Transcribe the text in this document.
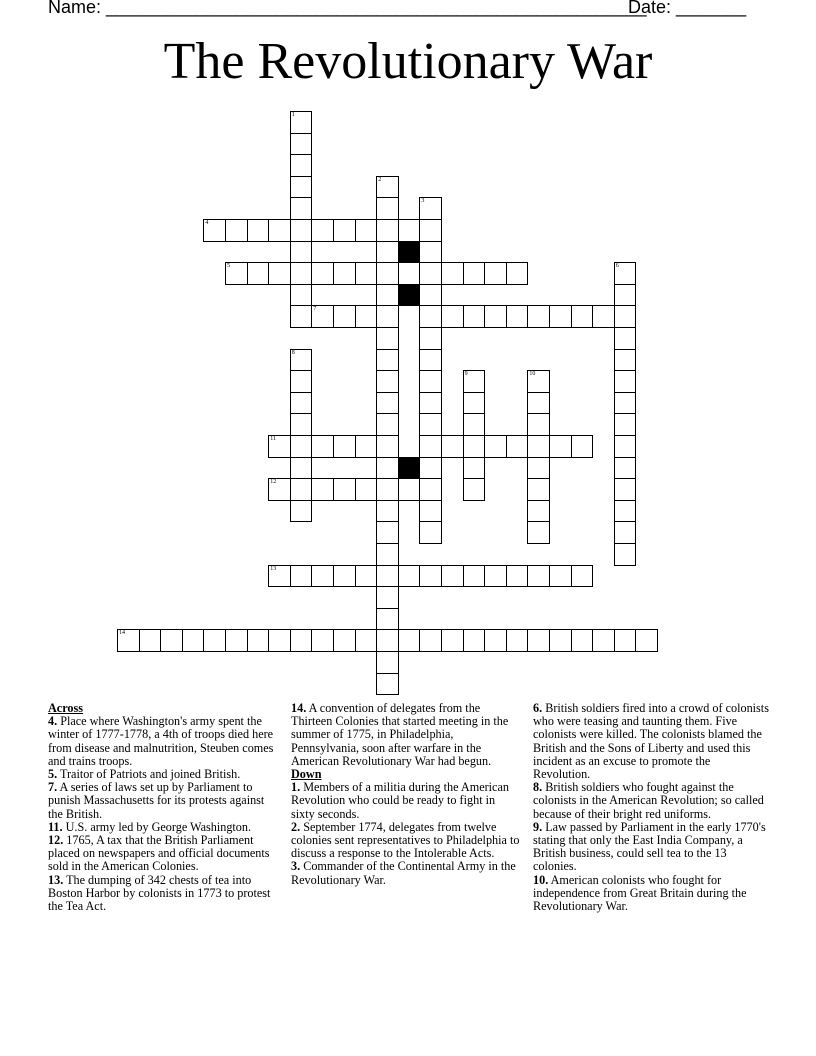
Name: ______________________________________________________
Date: _______
The Revolutionary War
1
2
3
4
5	6
7
8
9	10
11
12
13
14
Across

4. Place where Washington's army spent the winter of 1777-1778, a 4th of troops died here from disease and malnutrition, Steuben comes and trains troops.

5. Traitor of Patriots and joined British.

7. A series of laws set up by Parliament to punish Massachusetts for its protests against the British.

11. U.S. army led by George Washington.

12. 1765, A tax that the British Parliament placed on newspapers and official documents sold in the American Colonies.

13. The dumping of 342 chests of tea into Boston Harbor by colonists in 1773 to protest the Tea Act.

14. A convention of delegates from the Thirteen Colonies that started meeting in the summer of 1775, in Philadelphia, Pennsylvania, soon after warfare in the American Revolutionary War had begun.

Down

1. Members of a militia during the American Revolution who could be ready to fight in sixty seconds.

2. September 1774, delegates from twelve colonies sent representatives to Philadelphia to discuss a response to the Intolerable Acts.

3. Commander of the Continental Army in the Revolutionary War.

6. British soldiers fired into a crowd of colonists who were teasing and taunting them. Five colonists were killed. The colonists blamed the British and the Sons of Liberty and used this incident as an excuse to promote the Revolution.

8. British soldiers who fought against the colonists in the American Revolution; so called because of their bright red uniforms.

9. Law passed by Parliament in the early 1770's stating that only the East India Company, a British business, could sell tea to the 13 colonies.

10. American colonists who fought for independence from Great Britain during the Revolutionary War.
